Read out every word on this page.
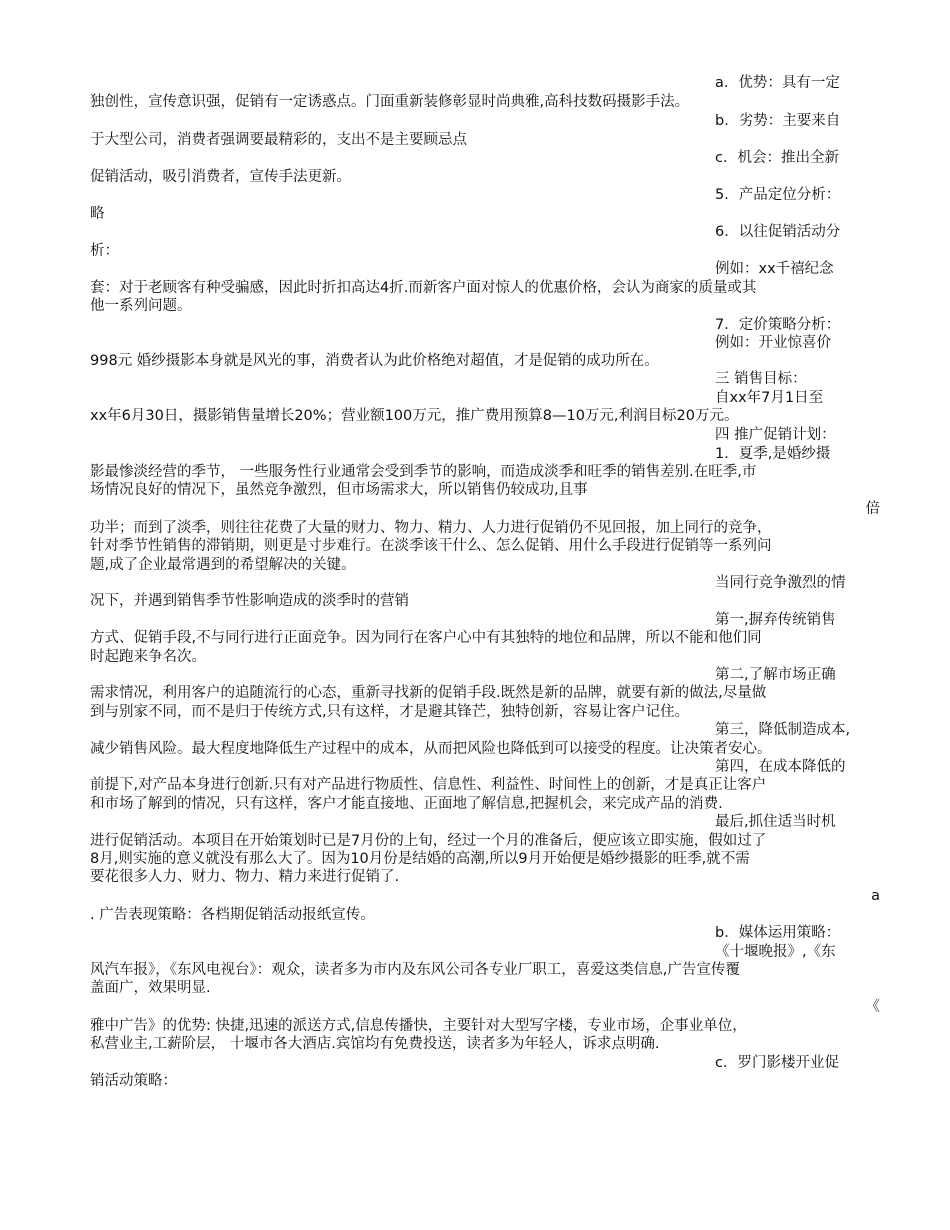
a．优势：具有一定
独创性，宣传意识强，促销有一定诱惑点。门面重新装修彰显时尚典雅,高科技数码摄影手法。
b．劣势：主要来自
于大型公司，消费者强调要最精彩的，支出不是主要顾忌点
c．机会：推出全新
促销活动，吸引消费者，宣传手法更新。
5．产品定位分析：
略
6．以往促销活动分
析：
例如：xx千禧纪念
套：对于老顾客有种受骗感，因此时折扣高达4折.而新客户面对惊人的优惠价格，会认为商家的质量或其
他一系列问题。
7．定价策略分析：
例如：开业惊喜价
998元 婚纱摄影本身就是风光的事，消费者认为此价格绝对超值，才是促销的成功所在。
三 销售目标：
自xx年7月1日至
xx年6月30日，摄影销售量增长20%；营业额100万元，推广费用预算8—10万元,利润目标20万元。
四 推广促销计划：
1．夏季,是婚纱摄
影最惨淡经营的季节， 一些服务性行业通常会受到季节的影响，而造成淡季和旺季的销售差别.在旺季,市
场情况良好的情况下，虽然竞争激烈，但市场需求大，所以销售仍较成功,且事
倍
功半；而到了淡季，则往往花费了大量的财力、物力、精力、人力进行促销仍不见回报，加上同行的竞争，
针对季节性销售的滞销期，则更是寸步难行。在淡季该干什么、怎么促销、用什么手段进行促销等一系列问
题,成了企业最常遇到的希望解决的关键。
当同行竞争激烈的情
况下，并遇到销售季节性影响造成的淡季时的营销
第一,摒弃传统销售
方式、促销手段,不与同行进行正面竞争。因为同行在客户心中有其独特的地位和品牌，所以不能和他们同
时起跑来争名次。
第二,了解市场正确
需求情况，利用客户的追随流行的心态，重新寻找新的促销手段.既然是新的品牌，就要有新的做法,尽量做
到与别家不同，而不是归于传统方式,只有这样，才是避其锋芒，独特创新，容易让客户记住。
第三，降低制造成本,
减少销售风险。最大程度地降低生产过程中的成本，从而把风险也降低到可以接受的程度。让决策者安心。
第四，在成本降低的
前提下,对产品本身进行创新.只有对产品进行物质性、信息性、利益性、时间性上的创新，才是真正让客户
和市场了解到的情况，只有这样，客户才能直接地、正面地了解信息,把握机会，来完成产品的消费.
最后,抓住适当时机
进行促销活动。本项目在开始策划时已是7月份的上旬，经过一个月的准备后，便应该立即实施，假如过了
8月,则实施的意义就没有那么大了。因为10月份是结婚的高潮,所以9月开始便是婚纱摄影的旺季,就不需
要花很多人力、财力、物力、精力来进行促销了.
a
. 广告表现策略：各档期促销活动报纸宣传。
b．媒体运用策略：
《十堰晚报》,《东
风汽车报》，《东风电视台》：观众，读者多为市内及东风公司各专业厂职工，喜爱这类信息,广告宣传覆
盖面广，效果明显.
《
雅中广告》的优势: 快捷,迅速的派送方式,信息传播快，主要针对大型写字楼，专业市场，企事业单位，
私营业主,工薪阶层， 十堰市各大酒店.宾馆均有免费投送，读者多为年轻人，诉求点明确.
c．罗门影楼开业促
销活动策略：
